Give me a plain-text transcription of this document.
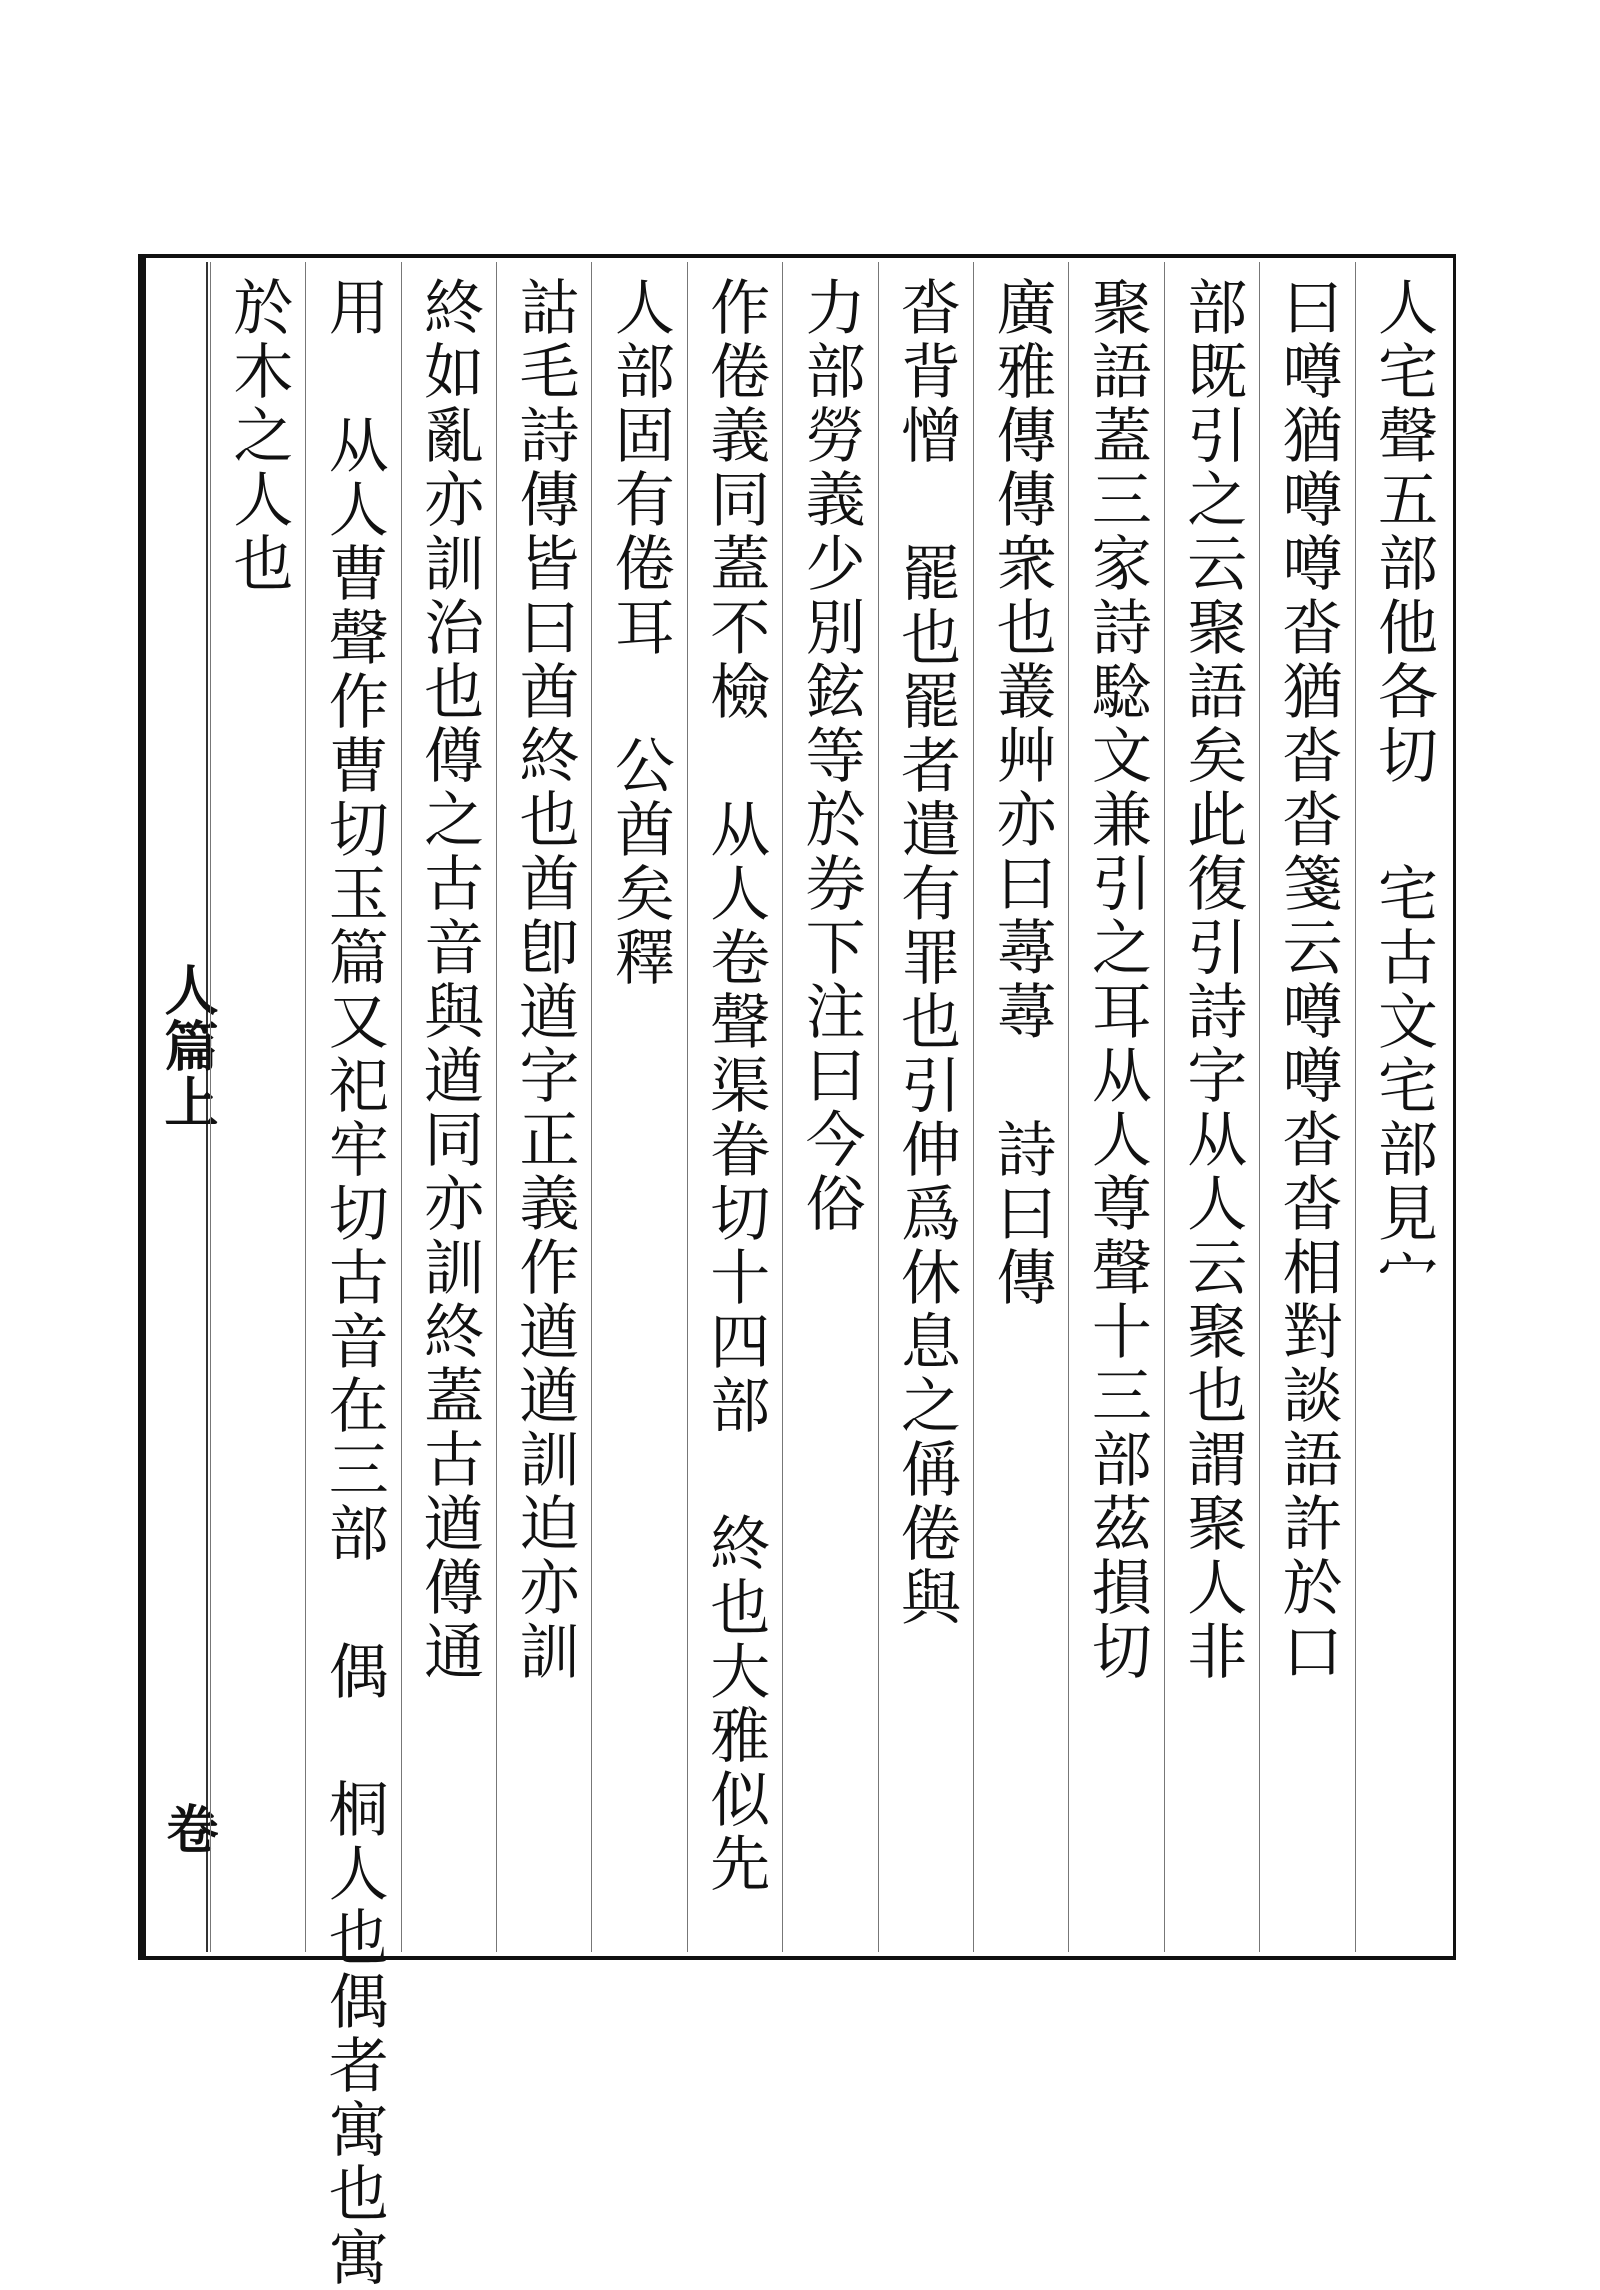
人篇上
卷
人宅聲五部他各切 宅古文宅部見宀
曰噂猶噂噂沓猶沓沓箋云噂噂沓沓相對談語許於口
部既引之云聚語矣此復引詩字从人云聚也謂聚人非
聚語蓋三家詩騐文兼引之耳从人尊聲十三部茲損切
廣雅傳傳衆也叢艸亦曰蕁蕁 詩曰傳
沓背憎 罷也罷者遣有罪也引伸爲休息之偁倦與
力部勞義少別鉉等於券下注曰今俗
作倦義同蓋不檢 从人卷聲渠眷切十四部 終也大雅似先
人部固有倦耳 公酋矣釋
詁毛詩傳皆曰酋終也酋卽遒字正義作遒遒訓迫亦訓
終如亂亦訓治也僔之古音與遒同亦訓終蓋古遒僔通
用 从人曹聲作曹切玉篇又祀牢切古音在三部 偶 桐人也偶者寓也寓
於木之人也
